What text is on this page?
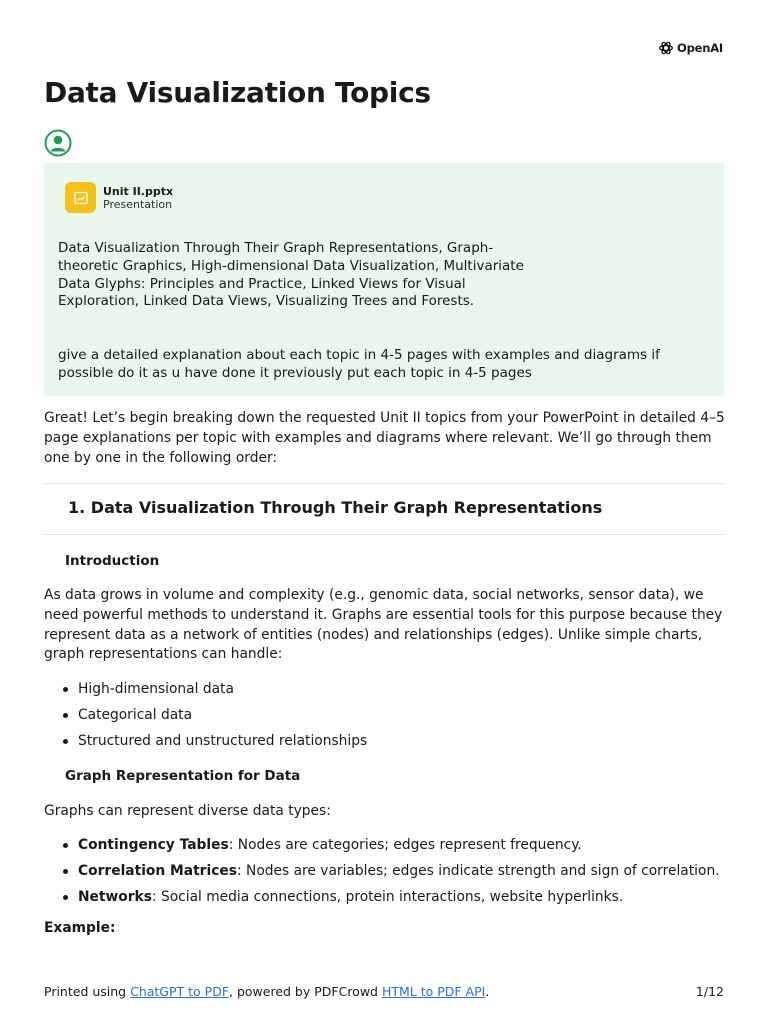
OpenAI
Data Visualization Topics
Unit II.pptx
Presentation
Data Visualization Through Their Graph Representations, Graph-theoretic Graphics, High-dimensional Data Visualization, Multivariate Data Glyphs: Principles and Practice, Linked Views for Visual Exploration, Linked Data Views, Visualizing Trees and Forests.
give a detailed explanation about each topic in 4-5 pages with examples and diagrams if possible do it as u have done it previously put each topic in 4-5 pages

Great! Let’s begin breaking down the requested Unit II topics from your PowerPoint in detailed 4–5 page explanations per topic with examples and diagrams where relevant. We’ll go through them one by one in the following order:

1. Data Visualization Through Their Graph Representations
Introduction

As data grows in volume and complexity (e.g., genomic data, social networks, sensor data), we need powerful methods to understand it. Graphs are essential tools for this purpose because they represent data as a network of entities (nodes) and relationships (edges). Unlike simple charts, graph representations can handle:

High-dimensional data
Categorical data
Structured and unstructured relationships
Graph Representation for Data

Graphs can represent diverse data types:

Contingency Tables: Nodes are categories; edges represent frequency.
Correlation Matrices: Nodes are variables; edges indicate strength and sign of correlation.
Networks: Social media connections, protein interactions, website hyperlinks.

Example:

Printed using ChatGPT to PDF, powered by PDFCrowd HTML to PDF API.	1/12
